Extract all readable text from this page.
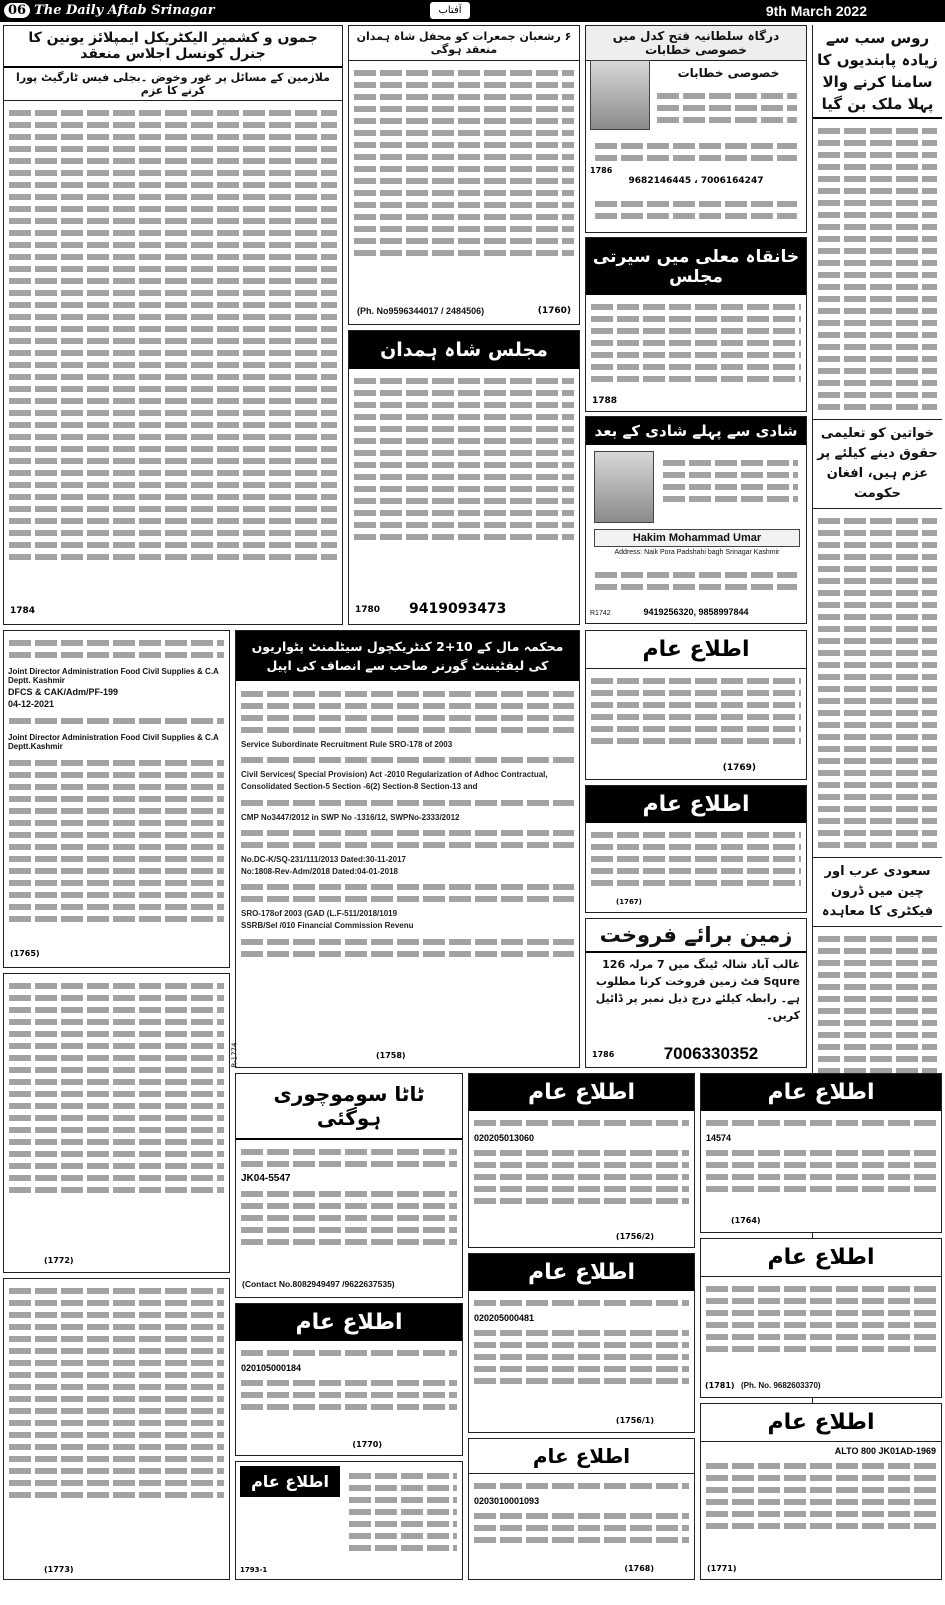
06 The Daily Aftab Srinagar	آفتاب	9th March 2022
روس سب سے زیادہ پابندیوں کا سامنا کرنے والا پہلا ملک بن گیا
خواتین کو تعلیمی حقوق دینے کیلئے پر عزم ہیں، افغان حکومت
سعودی عرب اور چین میں ڈرون فیکٹری کا معاہدہ
درگاہ سلطانیہ فتح کدل میں خصوصی خطابات
خصوصی خطابات
7006164247 ، 9682146445
1786
۶ رشعبان جمعرات کو محفل شاہ ہمدان منعقد ہوگی
(Ph. No9596344017 / 2484506)	(1760)
جموں و کشمیر الیکٹریکل ایمپلائز یونین کا جنرل کونسل اجلاس منعقد
ملازمین کے مسائل پر غور وخوض ۔بجلی فیس ٹارگیٹ پورا کرنے کا عزم
1784
خانقاہ معلی میں سیرتی مجلس
1788
مجلس شاہ ہمدان
9419093473
1780
شادی سے پہلے شادی کے بعد
Hakim Mohammad Umar
Address: Naik Pora Padshahi bagh Srinagar Kashmir
9419256320, 9858997844
R1742
اطلاع عام
(1769)
اطلاع عام
(1767)
زمین برائے فروخت
غالب آباد شالہ ٹینگ میں 7 مرلہ 126 Squre فٹ زمین فروخت کرنا مطلوب ہے۔ رابطہ کیلئے درج ذیل نمبر پر ڈائیل کریں۔
7006330352
1786
محکمہ مال کے 10+2 کنٹریکچول سیٹلمنٹ پٹواریوں کی لیفٹیننٹ گورنر صاحب سے انصاف کی اپیل
Service Subordinate Recruitment Rule SRO-178 of 2003
Civil Services( Special Provision) Act -2010 Regularization of Adhoc Contractual, Consolidated Section-5 Section -6(2) Section-8 Section-13 and
CMP No3447/2012 in SWP No -1316/12, SWPNo-2333/2012
No.DC-K/SQ-231/111/2013 Dated:30-11-2017
No:1808-Rev-Adm/2018 Dated:04-01-2018
SRO-178of 2003 (GAD (L.F-511/2018/1019
SSRB/Sel /010 Financial Commission Revenu
(1758)
R-1774
Joint Director Administration Food Civil Supplies & C.A Deptt. Kashmir
DFCS & CAK/Adm/PF-199
04-12-2021
Joint Director Administration Food Civil Supplies & C.A Deptt.Kashmir
(1765)
(1772)
(1773)
ٹاٹا سوموچوری ہوگئی
JK04-5547
(Contact No.8082949497 /9622637535)
اطلاع عام
020105000184
(1770)
اطلاع عام
1793-1
اطلاع عام
020205013060
(1756/2)
اطلاع عام
020205000481
(1756/1)
اطلاع عام
0203010001093
(1768)
اطلاع عام
14574
(1764)
اطلاع عام
(Ph. No. 9682603370)
(1781)
اطلاع عام
ALTO 800 JK01AD-1969
(1771)
